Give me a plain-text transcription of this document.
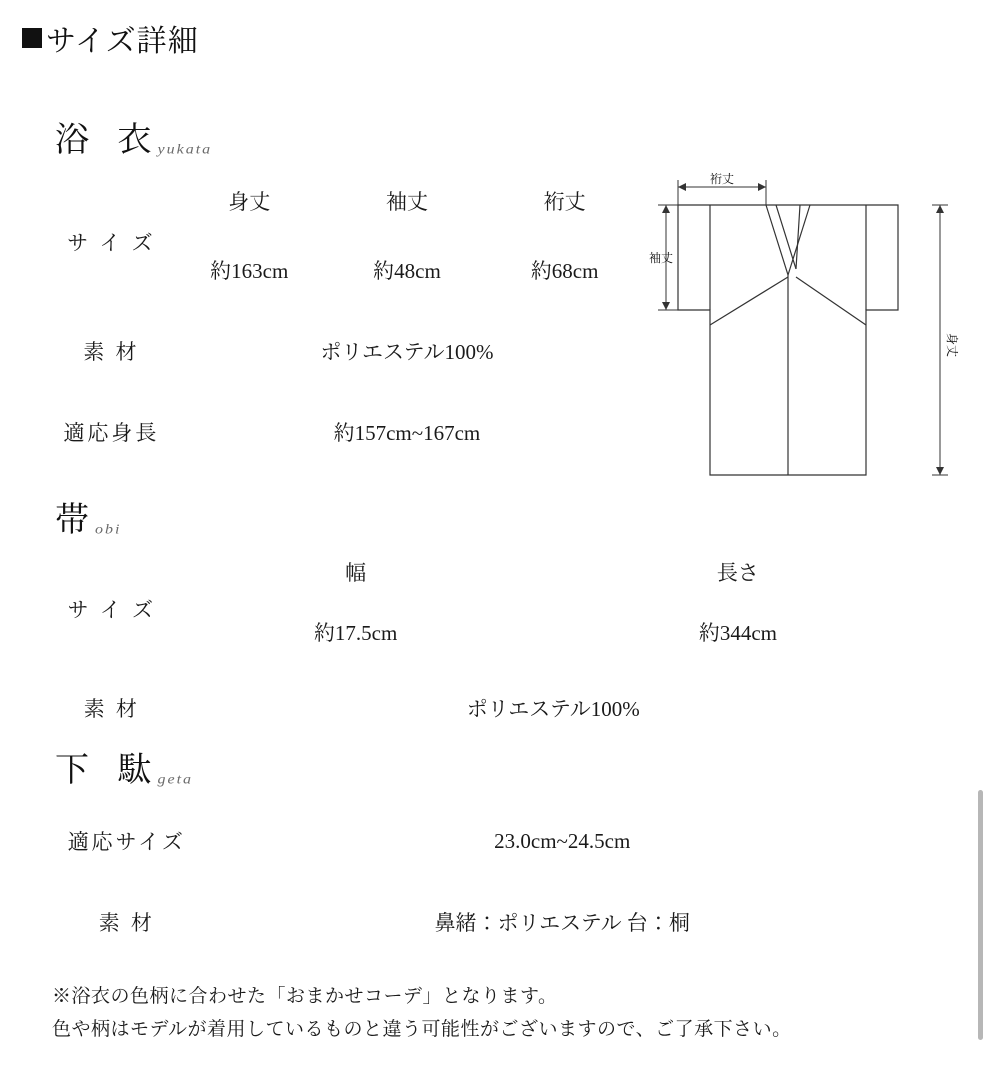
サイズ詳細
浴 衣
yukata
サ イ ズ	身丈	袖丈	裄丈
	約163cm	約48cm	約68cm
素 材	ポリエステル100%		
適応身長	約157cm~167cm		
裄丈
袖丈
身丈
帯
obi
サ イ ズ	幅	長さ
	約17.5cm	約344cm
素 材	ポリエステル100%	
下 駄
geta
適応サイズ	23.0cm~24.5cm
素 材	鼻緒：ポリエステル 台：桐
※浴衣の色柄に合わせた「おまかせコーデ」となります。
色や柄はモデルが着用しているものと違う可能性がございますので、ご了承下さい。
